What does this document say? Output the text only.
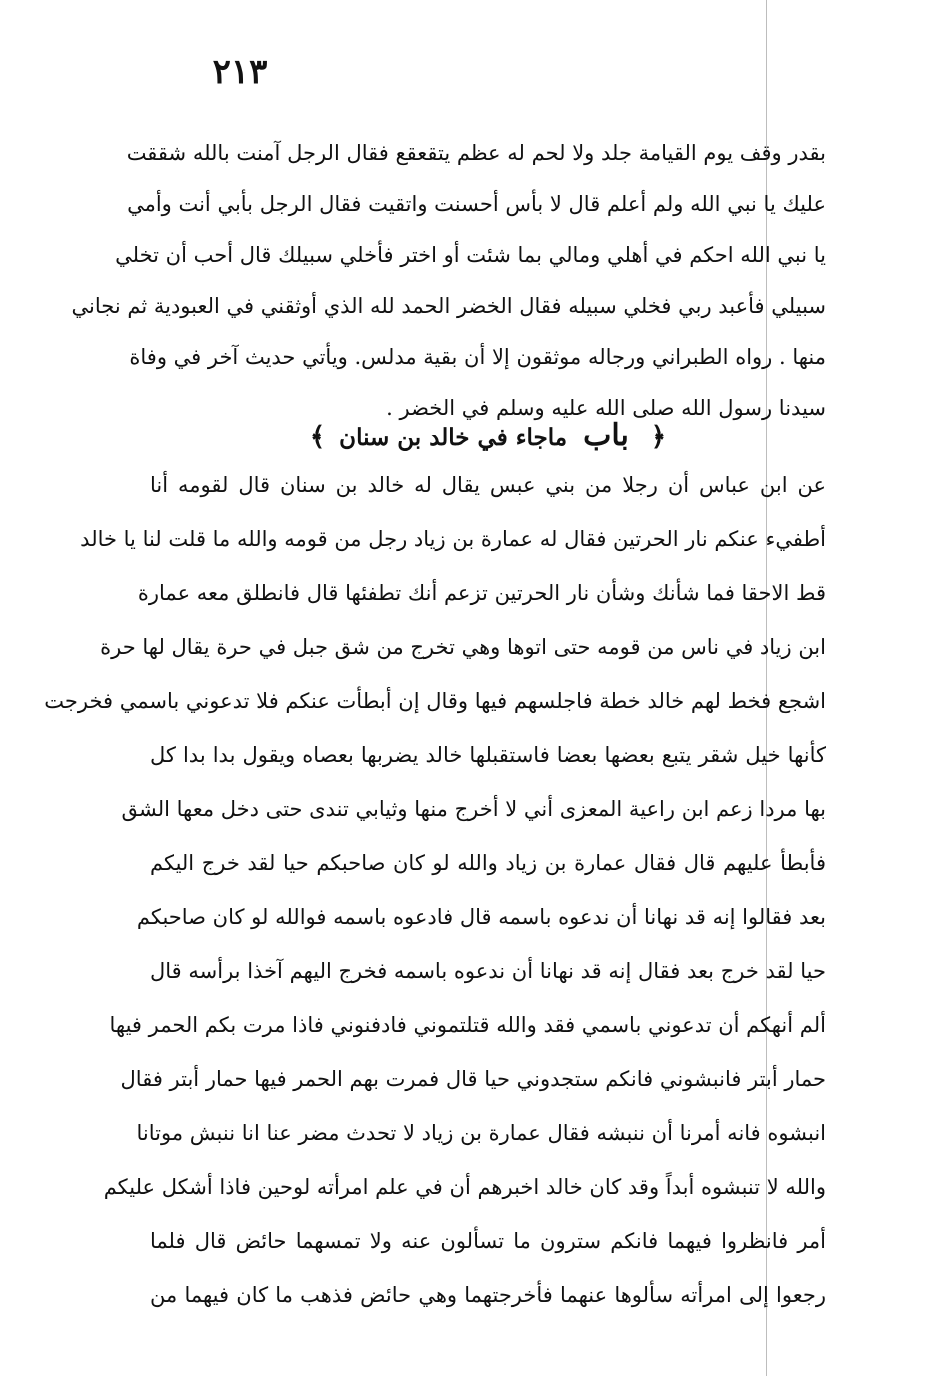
٢١٣
بقدر وقف يوم القيامة جلد ولا لحم له عظم يتقعقع فقال الرجل آمنت بالله شققت
عليك يا نبي الله ولم أعلم قال لا بأس أحسنت واتقيت فقال الرجل بأبي أنت وأمي
يا نبي الله احكم في أهلي ومالي بما شئت أو اختر فأخلي سبيلك قال أحب أن تخلي
سبيلي فأعبد ربي فخلي سبيله فقال الخضر الحمد لله الذي أوثقني في العبودية ثم نجاني
منها . رواه الطبراني ورجاله موثقون إلا أن بقية مدلس. ويأتي حديث آخر في وفاة
سيدنا رسول الله صلى الله عليه وسلم في الخضر .
﴿ باب ماجاء في خالد بن سنان ﴾
عن ابن عباس أن رجلا من بني عبس يقال له خالد بن سنان قال لقومه أنا
أطفيء عنكم نار الحرتين فقال له عمارة بن زياد رجل من قومه والله ما قلت لنا يا خالد
قط الاحقا فما شأنك وشأن نار الحرتين تزعم أنك تطفئها قال فانطلق معه عمارة
ابن زياد في ناس من قومه حتى اتوها وهي تخرج من شق جبل في حرة يقال لها حرة
اشجع فخط لهم خالد خطة فاجلسهم فيها وقال إن أبطأت عنكم فلا تدعوني باسمي فخرجت
كأنها خيل شقر يتبع بعضها بعضا فاستقبلها خالد يضربها بعصاه ويقول بدا بدا كل
بها مردا زعم ابن راعية المعزى أني لا أخرج منها وثيابي تندى حتى دخل معها الشق
فأبطأ عليهم قال فقال عمارة بن زياد والله لو كان صاحبكم حيا لقد خرج اليكم
بعد فقالوا إنه قد نهانا أن ندعوه باسمه قال فادعوه باسمه فوالله لو كان صاحبكم
حيا لقد خرج بعد فقال إنه قد نهانا أن ندعوه باسمه فخرج اليهم آخذا برأسه قال
ألم أنهكم أن تدعوني باسمي فقد والله قتلتموني فادفنوني فاذا مرت بكم الحمر فيها
حمار أبتر فانبشوني فانكم ستجدوني حيا قال فمرت بهم الحمر فيها حمار أبتر فقال
انبشوه فانه أمرنا أن ننبشه فقال عمارة بن زياد لا تحدث مضر عنا انا ننبش موتانا
والله لا تنبشوه أبداً وقد كان خالد اخبرهم أن في علم امرأته لوحين فاذا أشكل عليكم
أمر فانظروا فيهما فانكم سترون ما تسألون عنه ولا تمسهما حائض قال فلما
رجعوا إلى امرأته سألوها عنهما فأخرجتهما وهي حائض فذهب ما كان فيهما من
